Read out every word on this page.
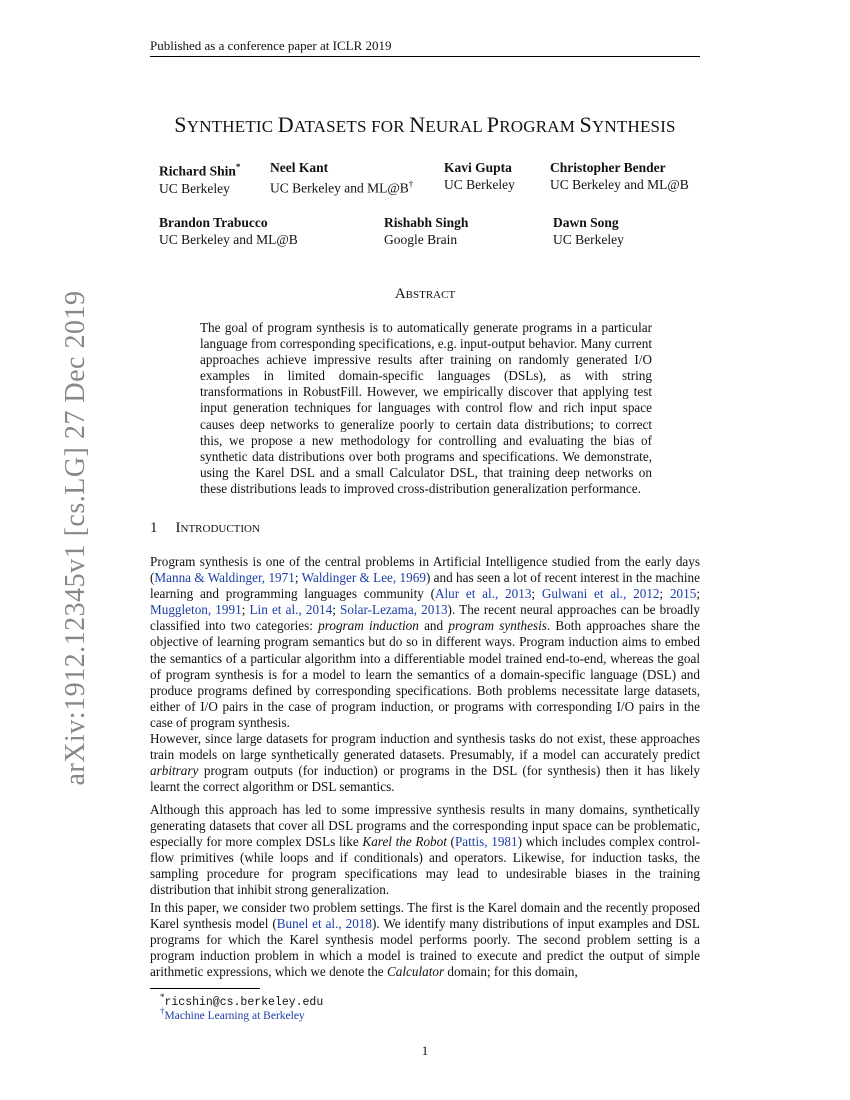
Published as a conference paper at ICLR 2019
arXiv:1912.12345v1 [cs.LG] 27 Dec 2019
SYNTHETIC DATASETS FOR NEURAL PROGRAM SYNTHESIS
Richard Shin*
UC Berkeley
Neel Kant
UC Berkeley and ML@B†
Kavi Gupta
UC Berkeley
Christopher Bender
UC Berkeley and ML@B
Brandon Trabucco
UC Berkeley and ML@B
Rishabh Singh
Google Brain
Dawn Song
UC Berkeley
Abstract
The goal of program synthesis is to automatically generate programs in a particular language from corresponding specifications, e.g. input-output behavior. Many current approaches achieve impressive results after training on randomly generated I/O examples in limited domain-specific languages (DSLs), as with string transformations in RobustFill. However, we empirically discover that applying test input generation techniques for languages with control flow and rich input space causes deep networks to generalize poorly to certain data distributions; to correct this, we propose a new methodology for controlling and evaluating the bias of synthetic data distributions over both programs and specifications. We demonstrate, using the Karel DSL and a small Calculator DSL, that training deep networks on these distributions leads to improved cross-distribution generalization performance.
1 Introduction
Program synthesis is one of the central problems in Artificial Intelligence studied from the early days (Manna & Waldinger, 1971; Waldinger & Lee, 1969) and has seen a lot of recent interest in the machine learning and programming languages community (Alur et al., 2013; Gulwani et al., 2012; 2015; Muggleton, 1991; Lin et al., 2014; Solar-Lezama, 2013). The recent neural approaches can be broadly classified into two categories: program induction and program synthesis. Both approaches share the objective of learning program semantics but do so in different ways. Program induction aims to embed the semantics of a particular algorithm into a differentiable model trained end-to-end, whereas the goal of program synthesis is for a model to learn the semantics of a domain-specific language (DSL) and produce programs defined by corresponding specifications. Both problems necessitate large datasets, either of I/O pairs in the case of program induction, or programs with corresponding I/O pairs in the case of program synthesis.
However, since large datasets for program induction and synthesis tasks do not exist, these approaches train models on large synthetically generated datasets. Presumably, if a model can accurately predict arbitrary program outputs (for induction) or programs in the DSL (for synthesis) then it has likely learnt the correct algorithm or DSL semantics.
Although this approach has led to some impressive synthesis results in many domains, synthetically generating datasets that cover all DSL programs and the corresponding input space can be problematic, especially for more complex DSLs like Karel the Robot (Pattis, 1981) which includes complex control-flow primitives (while loops and if conditionals) and operators. Likewise, for induction tasks, the sampling procedure for program specifications may lead to undesirable biases in the training distribution that inhibit strong generalization.
In this paper, we consider two problem settings. The first is the Karel domain and the recently proposed Karel synthesis model (Bunel et al., 2018). We identify many distributions of input examples and DSL programs for which the Karel synthesis model performs poorly. The second problem setting is a program induction problem in which a model is trained to execute and predict the output of simple arithmetic expressions, which we denote the Calculator domain; for this domain,
*ricshin@cs.berkeley.edu
†Machine Learning at Berkeley
1
